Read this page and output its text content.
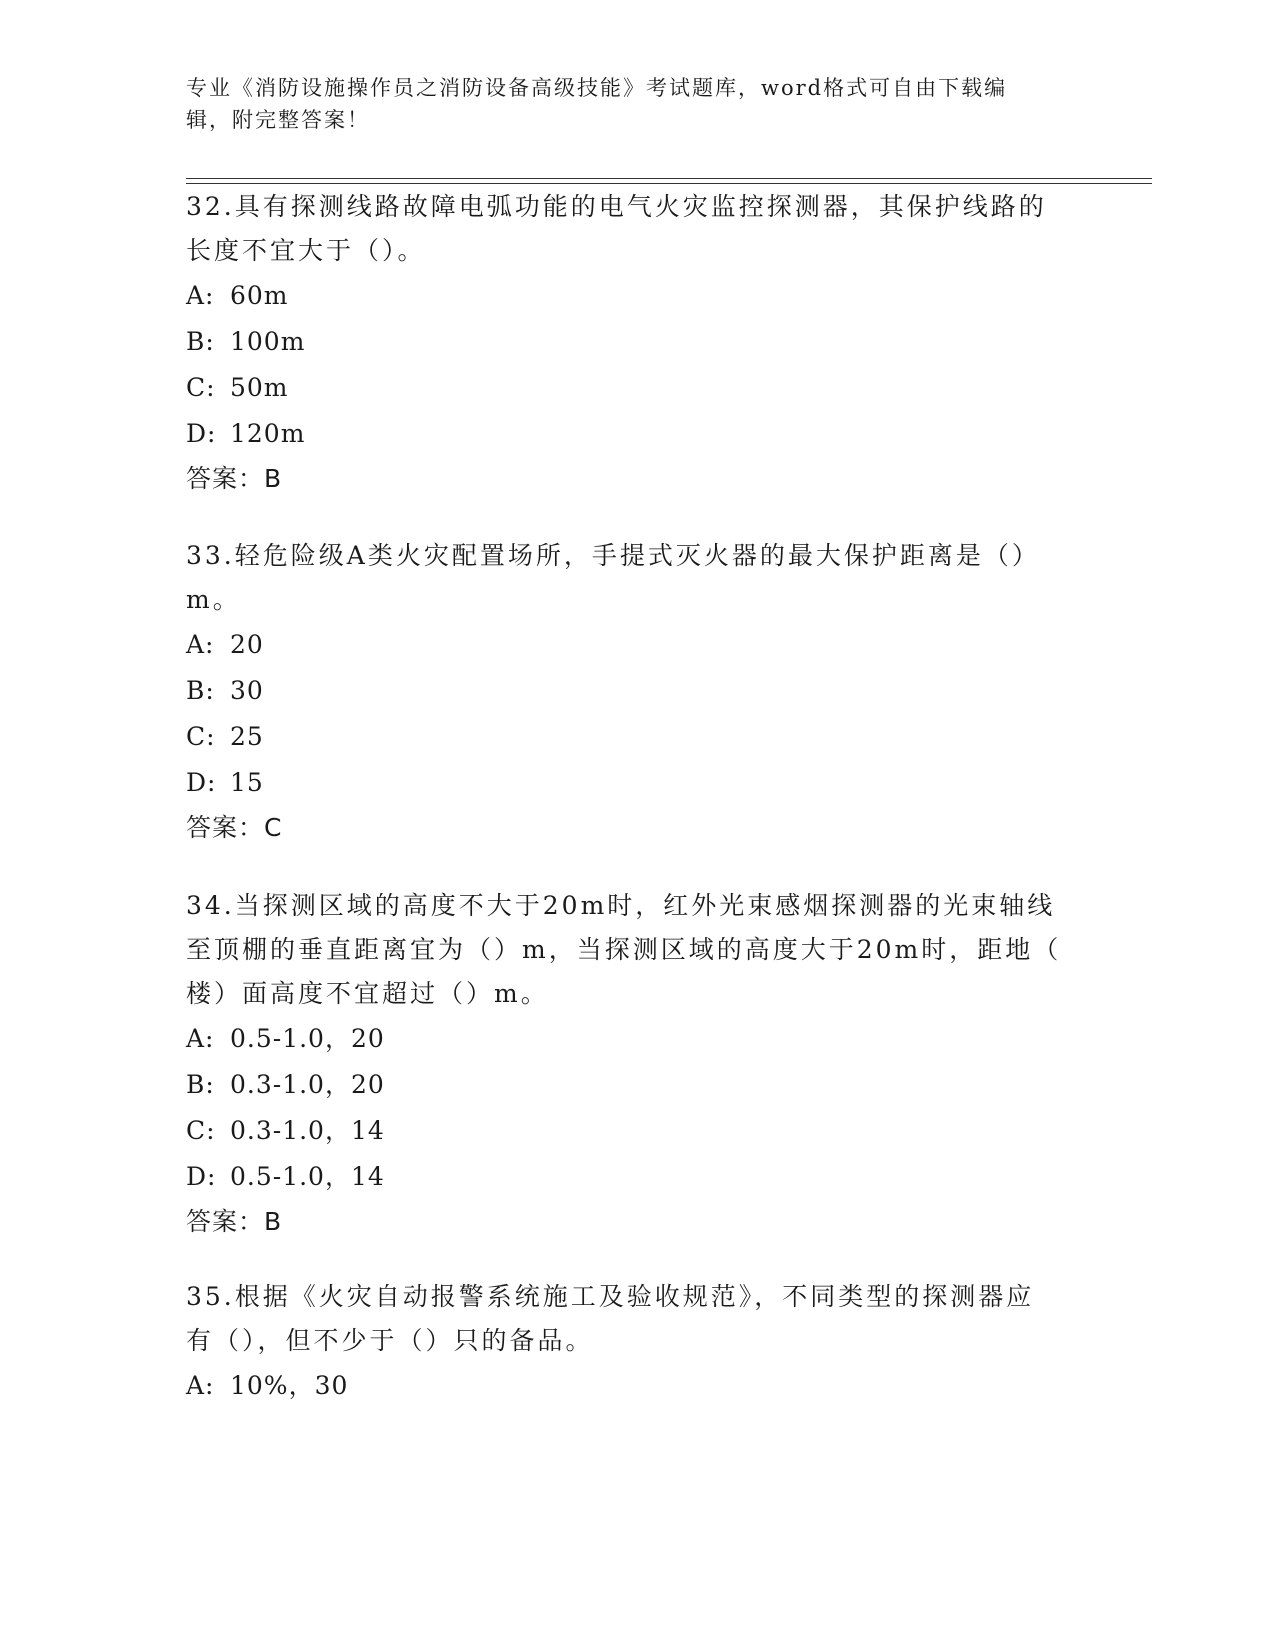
专业《消防设施操作员之消防设备高级技能》考试题库，word格式可自由下载编
辑，附完整答案！
32.具有探测线路故障电弧功能的电气火灾监控探测器，其保护线路的
长度不宜大于（）。
A: 60m
B: 100m
C: 50m
D: 120m
答案：B
33.轻危险级A类火灾配置场所，手提式灭火器的最大保护距离是（）
m。
A: 20
B: 30
C: 25
D: 15
答案：C
34.当探测区域的高度不大于20m时，红外光束感烟探测器的光束轴线
至顶棚的垂直距离宜为（）m，当探测区域的高度大于20m时，距地（
楼）面高度不宜超过（）m。
A: 0.5-1.0，20
B: 0.3-1.0，20
C: 0.3-1.0，14
D: 0.5-1.0，14
答案：B
35.根据《火灾自动报警系统施工及验收规范》，不同类型的探测器应
有（），但不少于（）只的备品。
A: 10%，30
